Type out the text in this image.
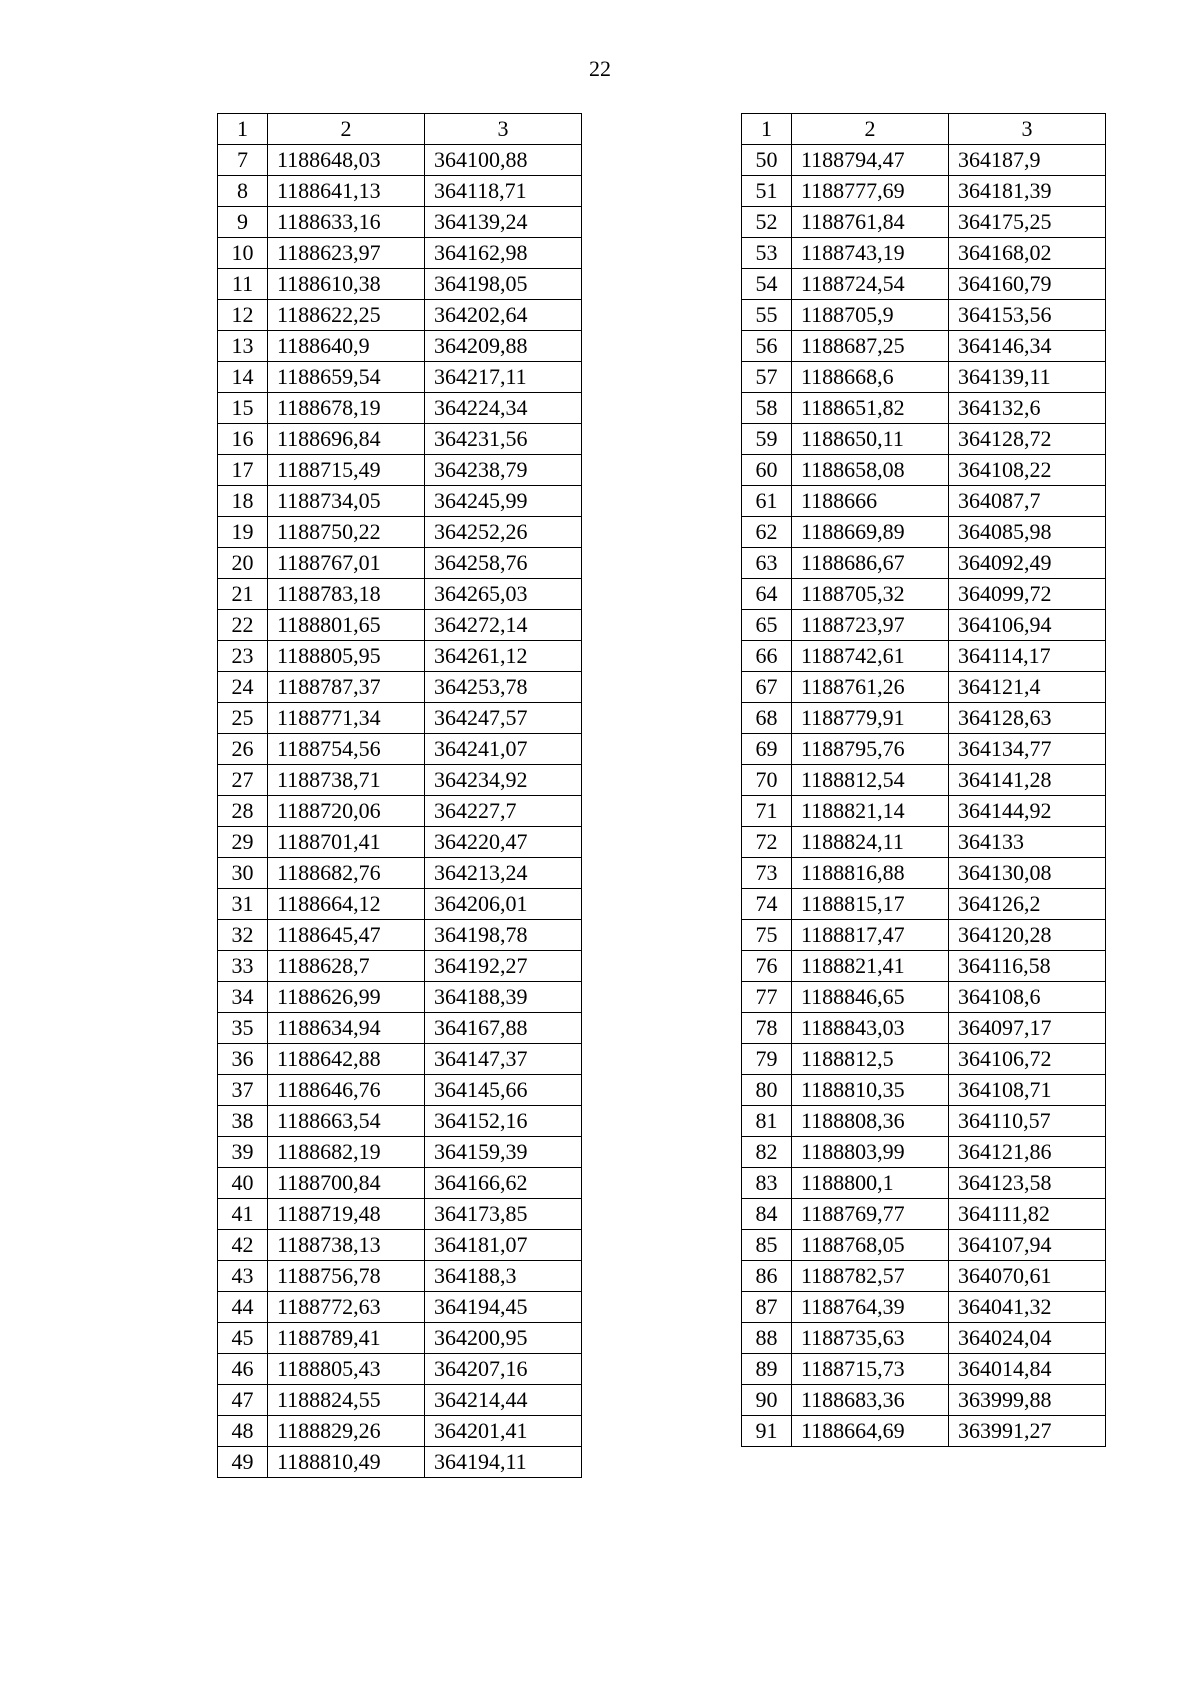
22
1	2	3
7	1188648,03	364100,88
8	1188641,13	364118,71
9	1188633,16	364139,24
10	1188623,97	364162,98
11	1188610,38	364198,05
12	1188622,25	364202,64
13	1188640,9	364209,88
14	1188659,54	364217,11
15	1188678,19	364224,34
16	1188696,84	364231,56
17	1188715,49	364238,79
18	1188734,05	364245,99
19	1188750,22	364252,26
20	1188767,01	364258,76
21	1188783,18	364265,03
22	1188801,65	364272,14
23	1188805,95	364261,12
24	1188787,37	364253,78
25	1188771,34	364247,57
26	1188754,56	364241,07
27	1188738,71	364234,92
28	1188720,06	364227,7
29	1188701,41	364220,47
30	1188682,76	364213,24
31	1188664,12	364206,01
32	1188645,47	364198,78
33	1188628,7	364192,27
34	1188626,99	364188,39
35	1188634,94	364167,88
36	1188642,88	364147,37
37	1188646,76	364145,66
38	1188663,54	364152,16
39	1188682,19	364159,39
40	1188700,84	364166,62
41	1188719,48	364173,85
42	1188738,13	364181,07
43	1188756,78	364188,3
44	1188772,63	364194,45
45	1188789,41	364200,95
46	1188805,43	364207,16
47	1188824,55	364214,44
48	1188829,26	364201,41
49	1188810,49	364194,11
1	2	3
50	1188794,47	364187,9
51	1188777,69	364181,39
52	1188761,84	364175,25
53	1188743,19	364168,02
54	1188724,54	364160,79
55	1188705,9	364153,56
56	1188687,25	364146,34
57	1188668,6	364139,11
58	1188651,82	364132,6
59	1188650,11	364128,72
60	1188658,08	364108,22
61	1188666	364087,7
62	1188669,89	364085,98
63	1188686,67	364092,49
64	1188705,32	364099,72
65	1188723,97	364106,94
66	1188742,61	364114,17
67	1188761,26	364121,4
68	1188779,91	364128,63
69	1188795,76	364134,77
70	1188812,54	364141,28
71	1188821,14	364144,92
72	1188824,11	364133
73	1188816,88	364130,08
74	1188815,17	364126,2
75	1188817,47	364120,28
76	1188821,41	364116,58
77	1188846,65	364108,6
78	1188843,03	364097,17
79	1188812,5	364106,72
80	1188810,35	364108,71
81	1188808,36	364110,57
82	1188803,99	364121,86
83	1188800,1	364123,58
84	1188769,77	364111,82
85	1188768,05	364107,94
86	1188782,57	364070,61
87	1188764,39	364041,32
88	1188735,63	364024,04
89	1188715,73	364014,84
90	1188683,36	363999,88
91	1188664,69	363991,27
